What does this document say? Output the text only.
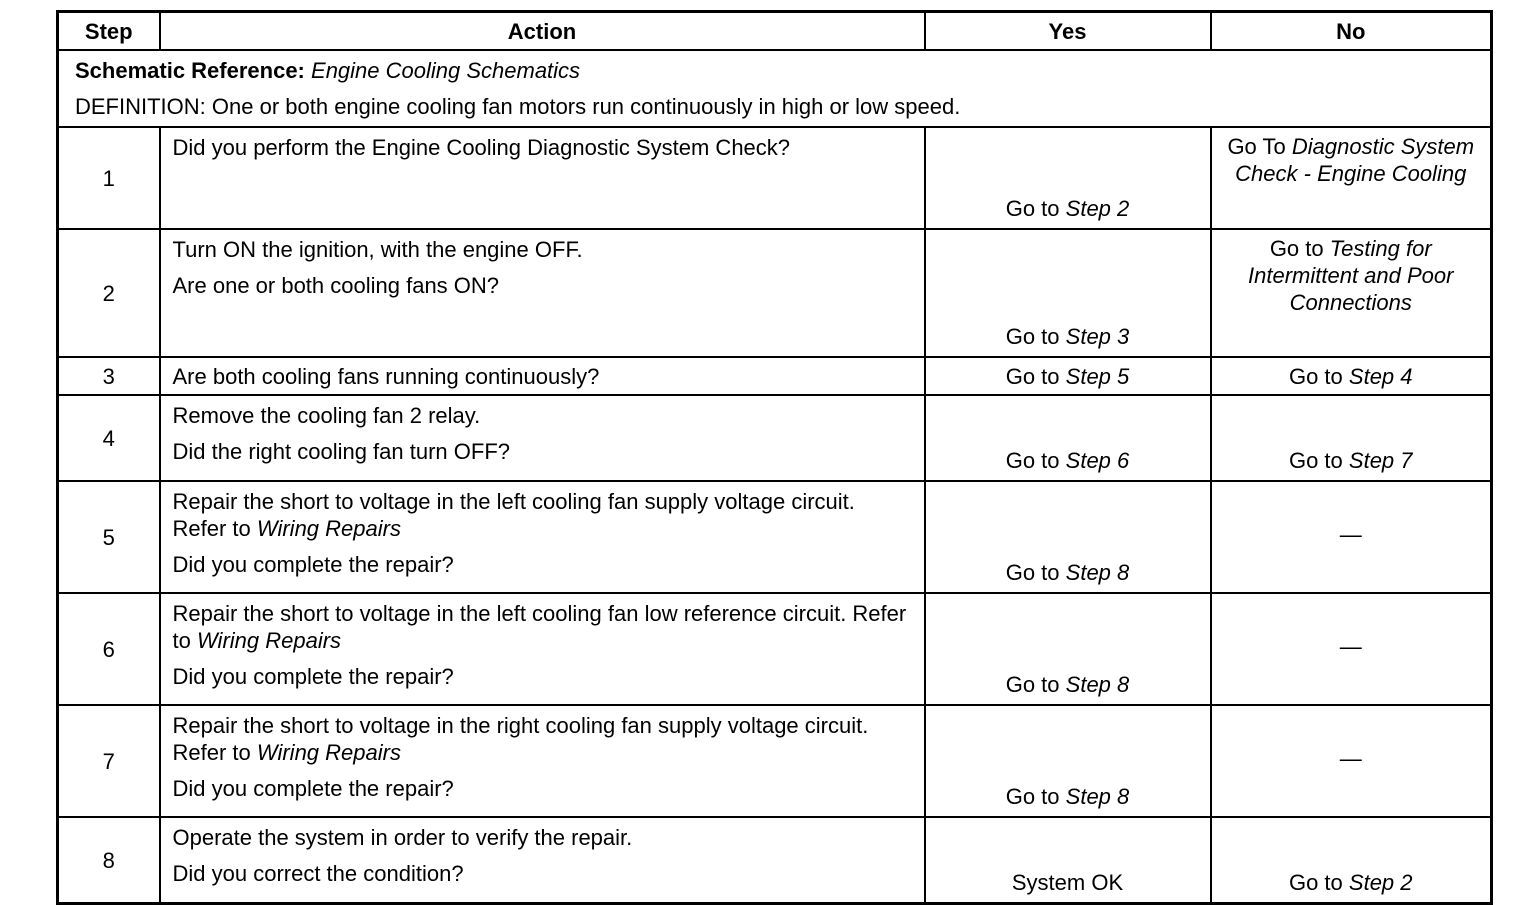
Step	Action	Yes	No

Schematic Reference: Engine Cooling Schematics

DEFINITION: One or both engine cooling fan motors run continuously in high or low speed.			

1	Did you perform the Engine Cooling Diagnostic System Check?	Go to Step 2	Go To Diagnostic System Check - Engine Cooling
2	Turn ON the ignition, with the engine OFF.

Are one or both cooling fans ON?	Go to Step 3	Go to Testing for Intermittent and Poor Connections
3	Are both cooling fans running continuously?	Go to Step 5	Go to Step 4
4	Remove the cooling fan 2 relay.

Did the right cooling fan turn OFF?	Go to Step 6	Go to Step 7
5	Repair the short to voltage in the left cooling fan supply voltage circuit. Refer to Wiring Repairs

Did you complete the repair?	Go to Step 8	—
6	Repair the short to voltage in the left cooling fan low reference circuit. Refer to Wiring Repairs

Did you complete the repair?	Go to Step 8	—
7	Repair the short to voltage in the right cooling fan supply voltage circuit. Refer to Wiring Repairs

Did you complete the repair?	Go to Step 8	—
8	Operate the system in order to verify the repair.

Did you correct the condition?	System OK	Go to Step 2
